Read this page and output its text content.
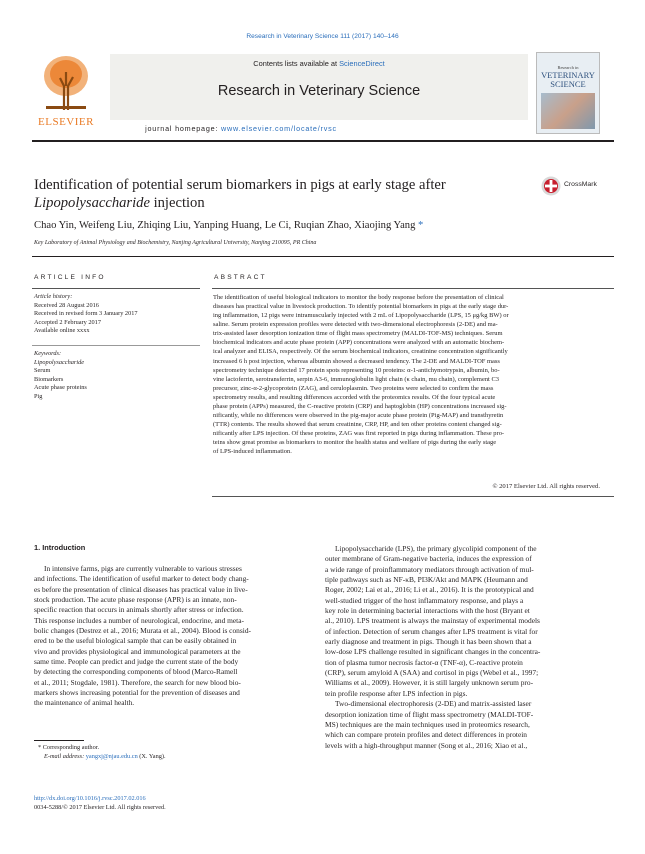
Research in Veterinary Science 111 (2017) 140–146
ELSEVIER
Contents lists available at ScienceDirect
Research in Veterinary Science
journal homepage: www.elsevier.com/locate/rvsc
Research in
VETERINARY
SCIENCE
Identification of potential serum biomarkers in pigs at early stage after
Lipopolysaccharide injection
CrossMark
Chao Yin, Weifeng Liu, Zhiqing Liu, Yanping Huang, Le Ci, Ruqian Zhao, Xiaojing Yang *
Key Laboratory of Animal Physiology and Biochemistry, Nanjing Agricultural University, Nanjing 210095, PR China
ARTICLE INFO	ABSTRACT
Article history:
Received 28 August 2016
Received in revised form 3 January 2017
Accepted 2 February 2017
Available online xxxx
Keywords:
Lipopolysaccharide
Serum
Biomarkers
Acute phase proteins
Pig
The identification of useful biological indicators to monitor the body response before the presentation of clinical
diseases has practical value in livestock production. To identify potential biomarkers in pigs at the early stage dur-
ing inflammation, 12 pigs were intramuscularly injected with 2 mL of Lipopolysaccharide (LPS, 15 μg/kg BW) or
saline. Serum protein expression profiles were detected with two-dimensional electrophoresis (2-DE) and ma-
trix-assisted laser desorption ionization time of flight mass spectrometry (MALDI-TOF-MS) techniques. Serum
biochemical indicators and acute phase protein (APP) concentrations were analyzed with an automatic biochem-
ical analyzer and ELISA, respectively. Of the serum biochemical indicators, creatinine concentration significantly
increased 6 h post injection, whereas albumin showed a decreased tendency. The 2-DE and MALDI-TOF mass
spectrometry technique detected 17 protein spots representing 10 proteins: α-1-antichymotrypsin, albumin, bo-
vine lactoferrin, serotransferrin, serpin A3-6, immunoglobulin light chain (κ chain, mu chain), complement C3
precursor, zinc-α-2-glycoprotein (ZAG), and ceruloplasmin. Two proteins were selected to confirm the mass
spectrometry results, and resulting differences accorded with the proteomics results. Of the four typical acute
phase protein (APPs) measured, the C-reactive protein (CRP) and haptoglobin (HP) concentrations increased sig-
nificantly, while no differences were observed in the pig-major acute phase protein (Pig-MAP) and transthyretin
(TTR) contents. The results showed that serum creatinine, CRP, HP, and ten other proteins content changed sig-
nificantly after LPS injection. Of these proteins, ZAG was first reported in pigs during inflammation. These pro-
teins show great promise as biomarkers to monitor the health status and welfare of pigs during the early stage
of LPS-induced inflammation.
© 2017 Elsevier Ltd. All rights reserved.
1. Introduction
In intensive farms, pigs are currently vulnerable to various stresses
and infections. The identification of useful marker to detect body chang-
es before the presentation of clinical diseases has practical value in live-
stock production. The acute phase response (APR) is an innate, non-
specific reaction that occurs in animals shortly after stress or infection.
This response includes a number of neurological, endocrine, and meta-
bolic changes (Destrez et al., 2016; Murata et al., 2004). Blood is consid-
ered to be the useful biological sample that can be easily obtained in
vivo and provides physiological and immunological parameters at the
same time. People can predict and judge the current state of the body
by detecting the corresponding components of blood (Marco-Ramell
et al., 2011; Stogdale, 1981). Therefore, the search for new blood bio-
markers shows increasing potential for the prevention of diseases and
the maintenance of animal health.
Lipopolysaccharide (LPS), the primary glycolipid component of the
outer membrane of Gram-negative bacteria, induces the expression of
a wide range of proinflammatory mediators through activation of mul-
tiple pathways such as NF-κB, PI3K/Akt and MAPK (Heumann and
Roger, 2002; Lai et al., 2016; Li et al., 2016). It is the prototypical and
well-studied trigger of the host inflammatory response, and plays a
key role in determining bacterial interactions with the host (Bryant et
al., 2010). LPS treatment is always the mainstay of experimental models
of infection. Detection of serum changes after LPS treatment is vital for
early diagnose and treatment in pigs. Though it has been shown that a
low-dose LPS challenge resulted in significant changes in the concentra-
tion of plasma tumor necrosis factor-α (TNF-α), C-reactive protein
(CRP), serum amyloid A (SAA) and cortisol in pigs (Webel et al., 1997;
Williams et al., 2009). However, it is still largely unknown serum pro-
tein profile response after LPS infection in pigs.
Two-dimensional electrophoresis (2-DE) and matrix-assisted laser
desorption ionization time of flight mass spectrometry (MALDI-TOF-
MS) techniques are the main techniques used in proteomics research,
which can compare protein profiles and detect differences in protein
levels with a high-throughput manner (Song et al., 2016; Xiao et al.,
* Corresponding author.
E-mail address: yangxj@njau.edu.cn (X. Yang).
http://dx.doi.org/10.1016/j.rvsc.2017.02.016
0034-5288/© 2017 Elsevier Ltd. All rights reserved.
